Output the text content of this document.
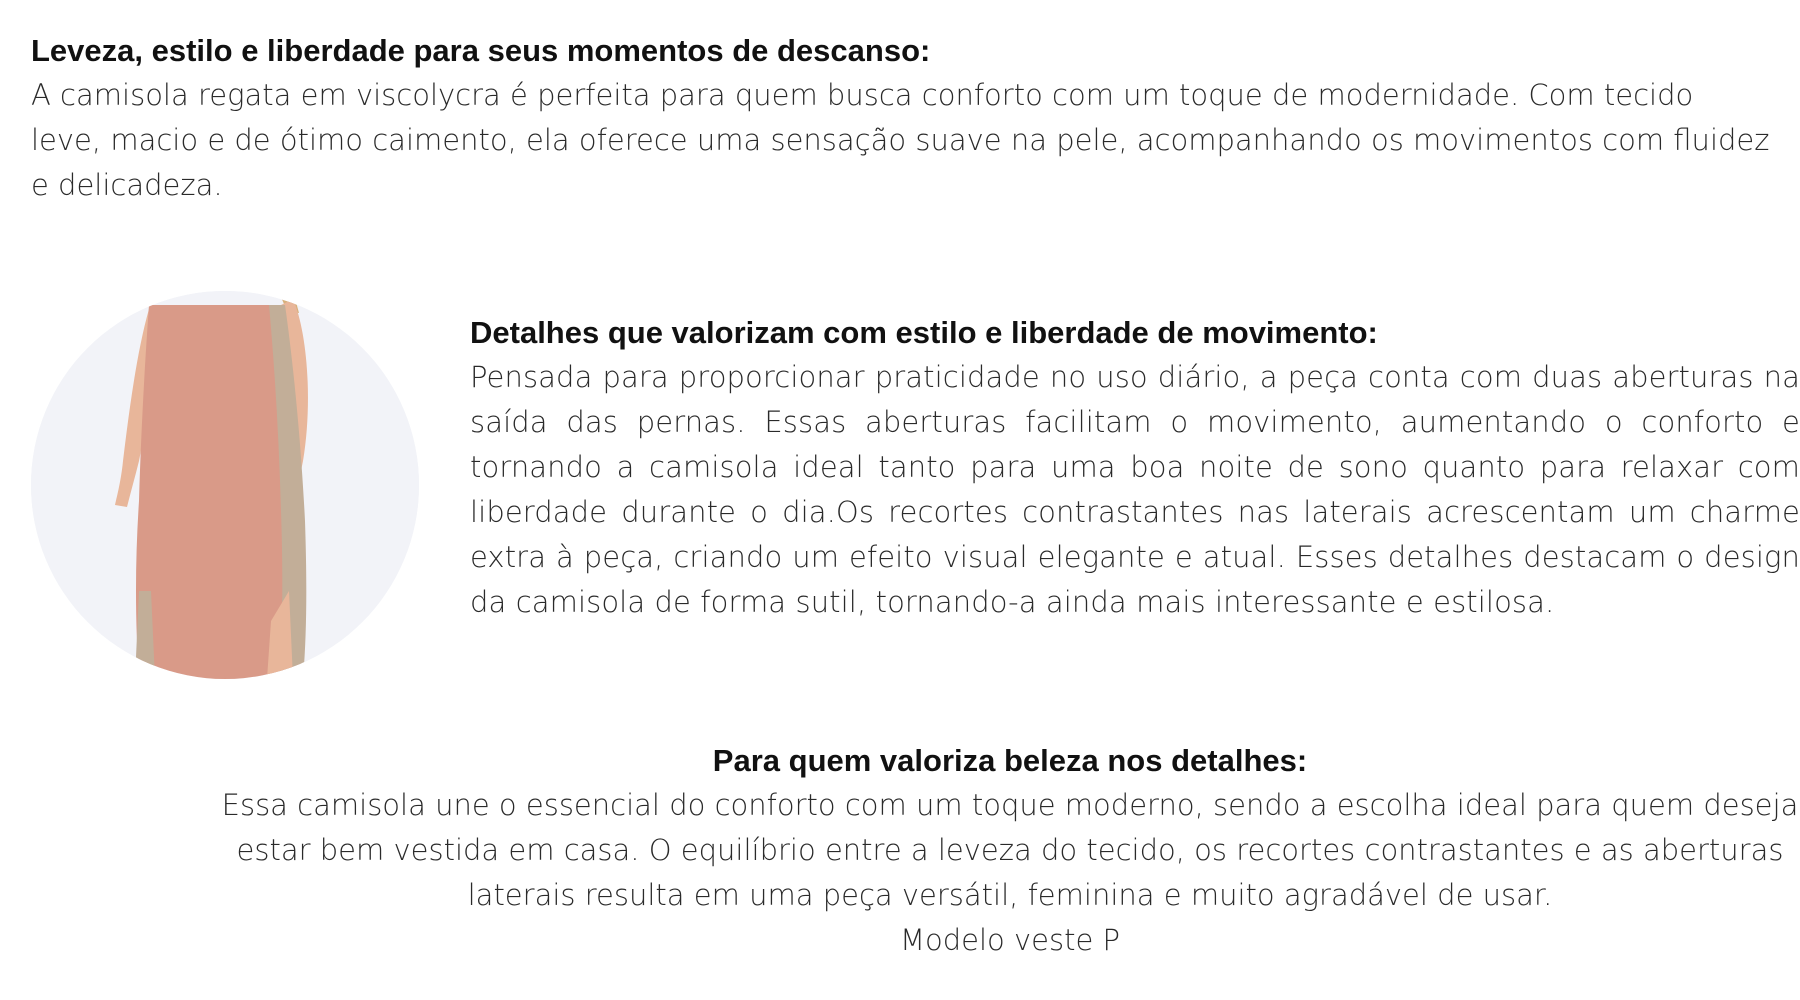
Leveza, estilo e liberdade para seus momentos de descanso:

A camisola regata em viscolycra é perfeita para quem busca conforto com um toque de modernidade. Com tecido leve, macio e de ótimo caimento, ela oferece uma sensação suave na pele, acompanhando os movimentos com fluidez e delicadeza.

Detalhes que valorizam com estilo e liberdade de movimento:

Pensada para proporcionar praticidade no uso diário, a peça conta com duas aberturas na saída das pernas. Essas aberturas facilitam o movimento, aumentando o conforto e tornando a camisola ideal tanto para uma boa noite de sono quanto para relaxar com liberdade durante o dia.Os recortes contrastantes nas laterais acrescentam um charme extra à peça, criando um efeito visual elegante e atual. Esses detalhes destacam o design da camisola de forma sutil, tornando-a ainda mais interessante e estilosa.

Para quem valoriza beleza nos detalhes:

Essa camisola une o essencial do conforto com um toque moderno, sendo a escolha ideal para quem deseja estar bem vestida em casa. O equilíbrio entre a leveza do tecido, os recortes contrastantes e as aberturas laterais resulta em uma peça versátil, feminina e muito agradável de usar.

Modelo veste P
